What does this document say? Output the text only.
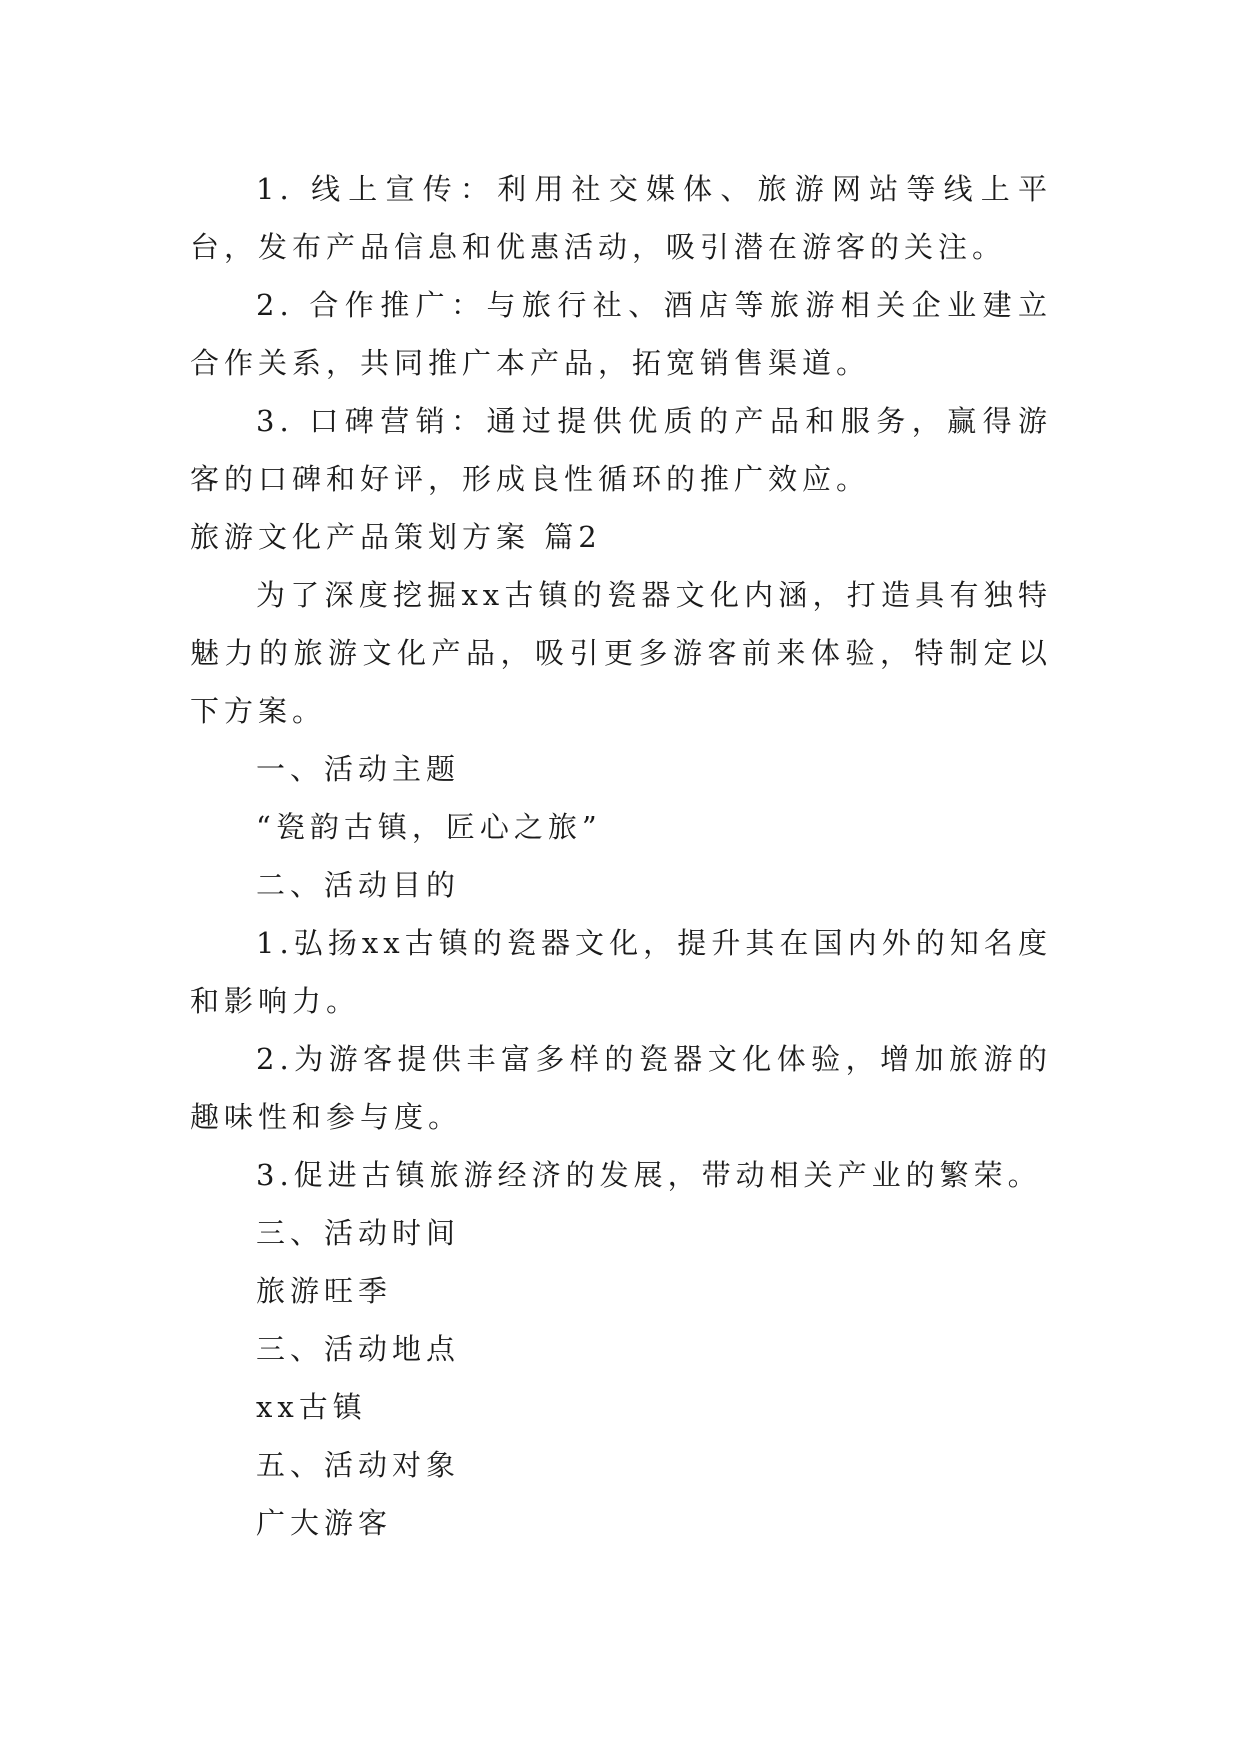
1. 线上宣传：利用社交媒体、旅游网站等线上平台，发布产品信息和优惠活动，吸引潜在游客的关注。

2. 合作推广：与旅行社、酒店等旅游相关企业建立合作关系，共同推广本产品，拓宽销售渠道。

3. 口碑营销：通过提供优质的产品和服务，赢得游客的口碑和好评，形成良性循环的推广效应。

旅游文化产品策划方案 篇2

为了深度挖掘xx古镇的瓷器文化内涵，打造具有独特魅力的旅游文化产品，吸引更多游客前来体验，特制定以下方案。

一、活动主题

“瓷韵古镇，匠心之旅”

二、活动目的

1.弘扬xx古镇的瓷器文化，提升其在国内外的知名度和影响力。

2.为游客提供丰富多样的瓷器文化体验，增加旅游的趣味性和参与度。

3.促进古镇旅游经济的发展，带动相关产业的繁荣。

三、活动时间

旅游旺季

三、活动地点

xx古镇

五、活动对象

广大游客
